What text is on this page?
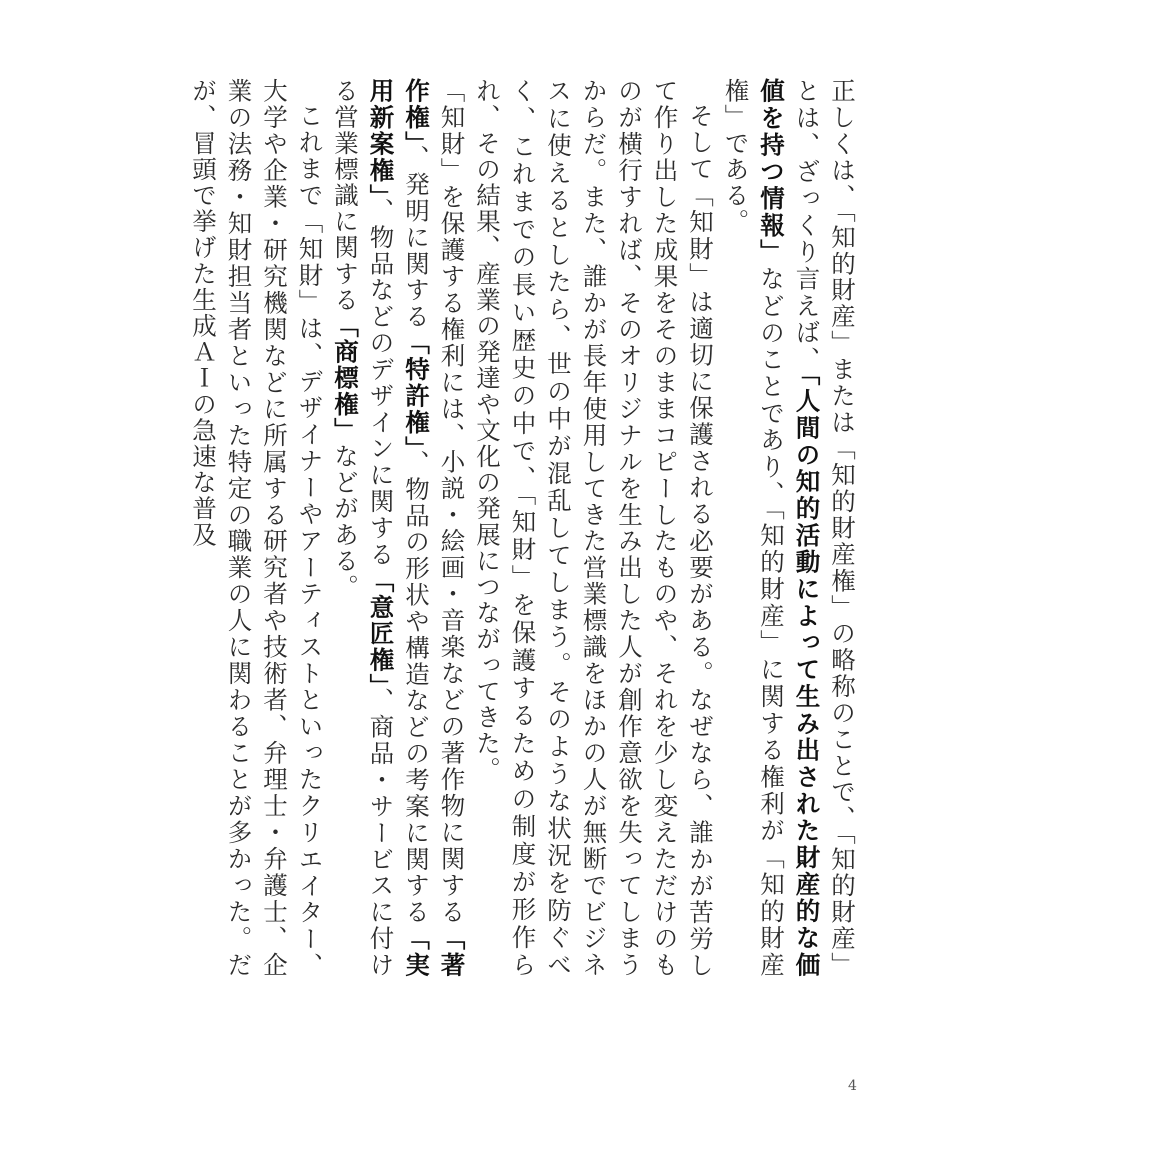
正しくは、「知的財産」または「知的財産権」の略称のことで、「知的財産」とは、ざっくり言えば、「人間の知的活動によって生み出された財産的な価値を持つ情報」などのことであり、「知的財産」に関する権利が「知的財産権」である。

そして「知財」は適切に保護される必要がある。なぜなら、誰かが苦労して作り出した成果をそのままコピーしたものや、それを少し変えただけのものが横行すれば、そのオリジナルを生み出した人が創作意欲を失ってしまうからだ。また、誰かが長年使用してきた営業標識をほかの人が無断でビジネスに使えるとしたら、世の中が混乱してしまう。そのような状況を防ぐべく、これまでの長い歴史の中で、「知財」を保護するための制度が形作られ、その結果、産業の発達や文化の発展につながってきた。

「知財」を保護する権利には、小説・絵画・音楽などの著作物に関する「著作権」、発明に関する「特許権」、物品の形状や構造などの考案に関する「実用新案権」、物品などのデザインに関する「意匠権」、商品・サービスに付ける営業標識に関する「商標権」などがある。

これまで「知財」は、デザイナーやアーティストといったクリエイター、大学や企業・研究機関などに所属する研究者や技術者、弁理士・弁護士、企業の法務・知財担当者といった特定の職業の人に関わることが多かった。だが、冒頭で挙げた生成ＡＩの急速な普及

4
